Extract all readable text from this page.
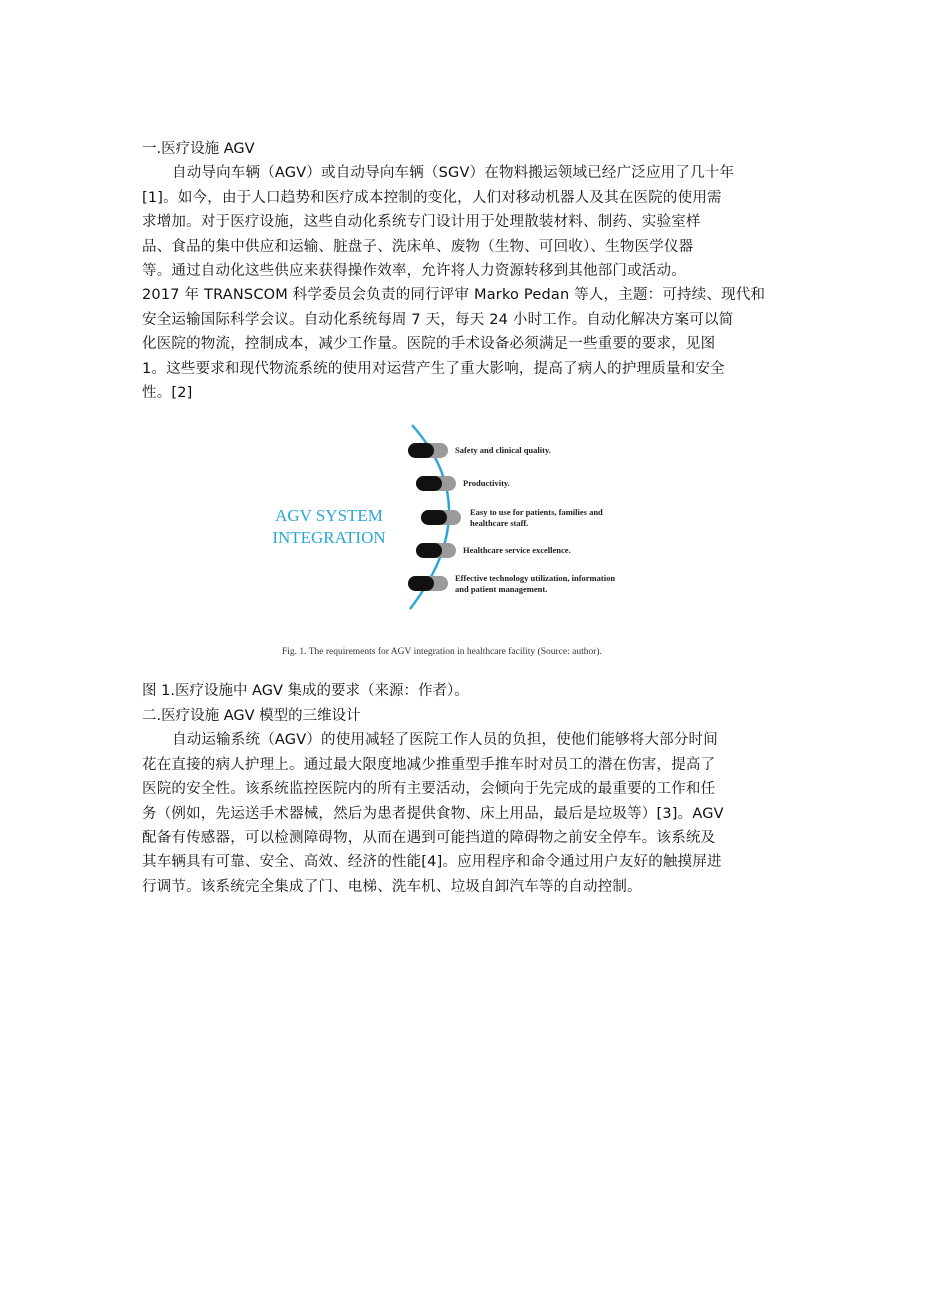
一.医疗设施 AGV
自动导向车辆（AGV）或自动导向车辆（SGV）在物料搬运领域已经广泛应用了几十年
[1]。如今，由于人口趋势和医疗成本控制的变化，人们对移动机器人及其在医院的使用需
求增加。对于医疗设施，这些自动化系统专门设计用于处理散装材料、制药、实验室样
品、食品的集中供应和运输、脏盘子、洗床单、废物（生物、可回收）、生物医学仪器
等。通过自动化这些供应来获得操作效率，允许将人力资源转移到其他部门或活动。
2017 年 TRANSCOM 科学委员会负责的同行评审 Marko Pedan 等人，主题：可持续、现代和
安全运输国际科学会议。自动化系统每周 7 天，每天 24 小时工作。自动化解决方案可以简
化医院的物流，控制成本，减少工作量。医院的手术设备必须满足一些重要的要求，见图
1。这些要求和现代物流系统的使用对运营产生了重大影响，提高了病人的护理质量和安全
性。[2]
AGV SYSTEM
INTEGRATION
Safety and clinical quality.
Productivity.
Easy to use for patients, families and healthcare staff.
Healthcare service excellence.
Effective technology utilization, information and patient management.
Fig. 1. The requirements for AGV integration in healthcare facility (Source: author).
图 1.医疗设施中 AGV 集成的要求（来源：作者）。
二.医疗设施 AGV 模型的三维设计
自动运输系统（AGV）的使用减轻了医院工作人员的负担，使他们能够将大部分时间
花在直接的病人护理上。通过最大限度地减少推重型手推车时对员工的潜在伤害，提高了
医院的安全性。该系统监控医院内的所有主要活动，会倾向于先完成的最重要的工作和任
务（例如，先运送手术器械，然后为患者提供食物、床上用品，最后是垃圾等）[3]。AGV
配备有传感器，可以检测障碍物，从而在遇到可能挡道的障碍物之前安全停车。该系统及
其车辆具有可靠、安全、高效、经济的性能[4]。应用程序和命令通过用户友好的触摸屏进
行调节。该系统完全集成了门、电梯、洗车机、垃圾自卸汽车等的自动控制。
